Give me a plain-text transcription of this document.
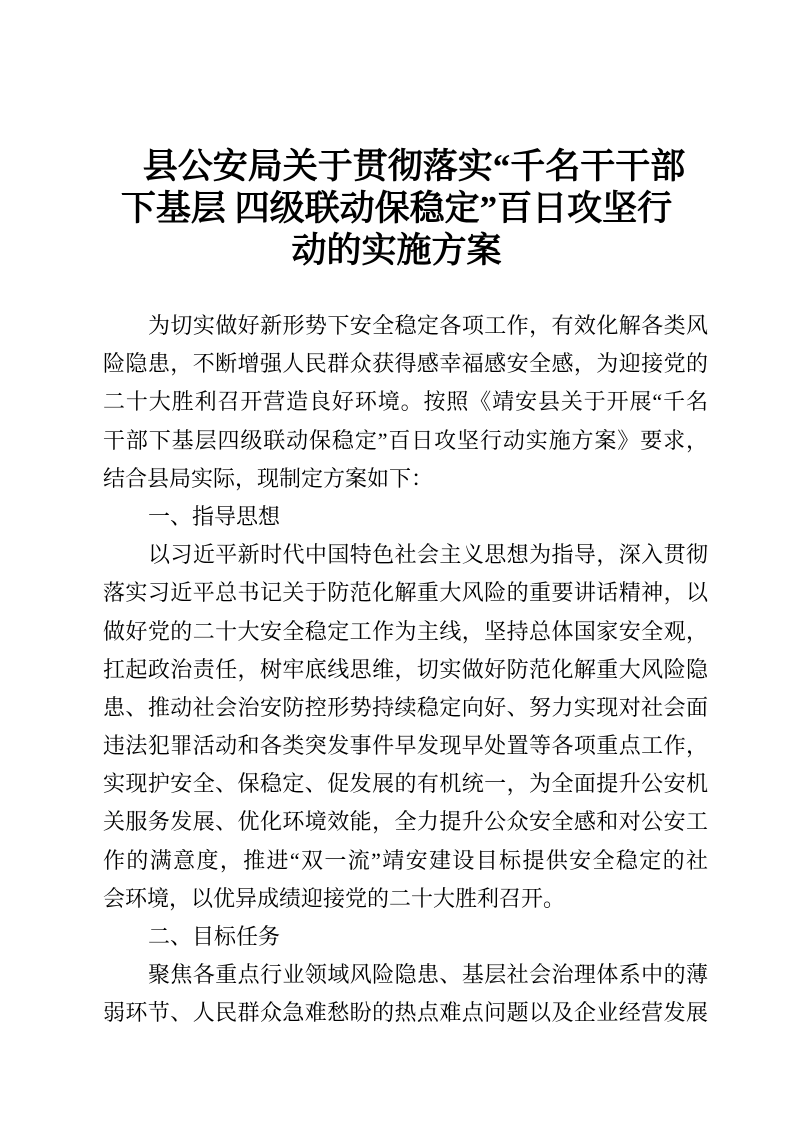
　县公安局关于贯彻落实“千名干干部
下基层 四级联动保稳定”百日攻坚行
动的实施方案
为切实做好新形势下安全稳定各项工作，有效化解各类风
险隐患，不断增强人民群众获得感幸福感安全感，为迎接党的
二十大胜利召开营造良好环境。按照《靖安县关于开展“千名
干部下基层四级联动保稳定”百日攻坚行动实施方案》要求，
结合县局实际，现制定方案如下：
一、指导思想
以习近平新时代中国特色社会主义思想为指导，深入贯彻
落实习近平总书记关于防范化解重大风险的重要讲话精神，以
做好党的二十大安全稳定工作为主线，坚持总体国家安全观，
扛起政治责任，树牢底线思维，切实做好防范化解重大风险隐
患、推动社会治安防控形势持续稳定向好、努力实现对社会面
违法犯罪活动和各类突发事件早发现早处置等各项重点工作，
实现护安全、保稳定、促发展的有机统一，为全面提升公安机
关服务发展、优化环境效能，全力提升公众安全感和对公安工
作的满意度，推进“双一流”靖安建设目标提供安全稳定的社
会环境，以优异成绩迎接党的二十大胜利召开。
二、目标任务
聚焦各重点行业领域风险隐患、基层社会治理体系中的薄
弱环节、人民群众急难愁盼的热点难点问题以及企业经营发展
